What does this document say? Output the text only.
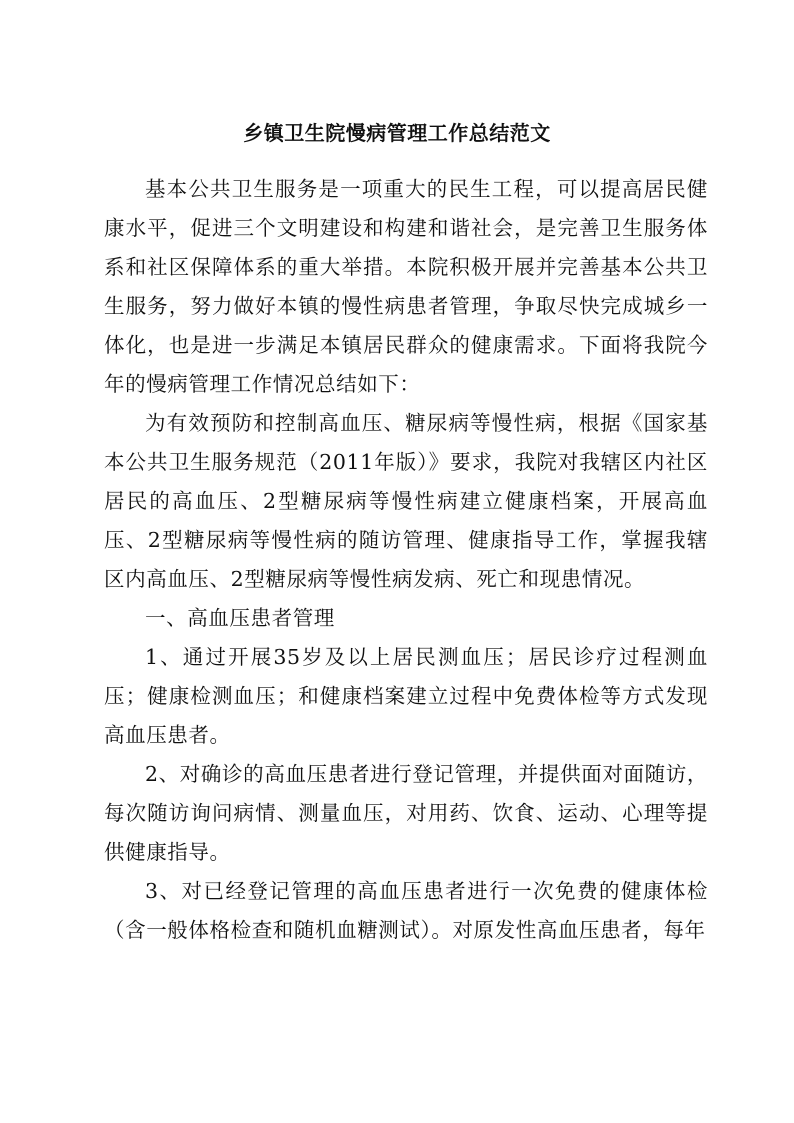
乡镇卫生院慢病管理工作总结范文

基本公共卫生服务是一项重大的民生工程，可以提高居民健康水平，促进三个文明建设和构建和谐社会，是完善卫生服务体系和社区保障体系的重大举措。本院积极开展并完善基本公共卫生服务，努力做好本镇的慢性病患者管理，争取尽快完成城乡一体化，也是进一步满足本镇居民群众的健康需求。下面将我院今年的慢病管理工作情况总结如下：

为有效预防和控制高血压、糖尿病等慢性病，根据《国家基本公共卫生服务规范（2011年版）》要求，我院对我辖区内社区居民的高血压、2型糖尿病等慢性病建立健康档案，开展高血压、2型糖尿病等慢性病的随访管理、健康指导工作，掌握我辖区内高血压、2型糖尿病等慢性病发病、死亡和现患情况。

一、高血压患者管理

1、通过开展35岁及以上居民测血压；居民诊疗过程测血压；健康检测血压；和健康档案建立过程中免费体检等方式发现高血压患者。

2、对确诊的高血压患者进行登记管理，并提供面对面随访，每次随访询问病情、测量血压，对用药、饮食、运动、心理等提供健康指导。

3、对已经登记管理的高血压患者进行一次免费的健康体检（含一般体格检查和随机血糖测试）。对原发性高血压患者，每年
